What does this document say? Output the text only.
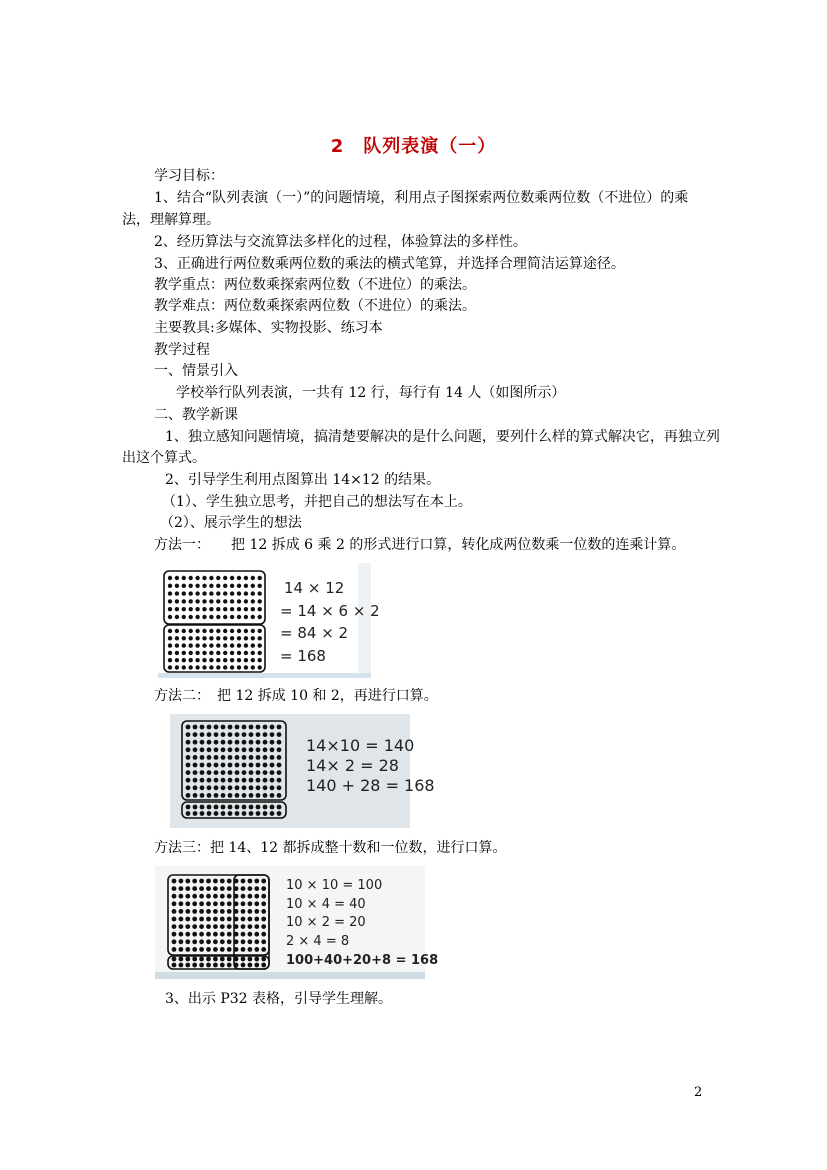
2　队列表演（一）
学习目标：
1、结合“队列表演（一）”的问题情境，利用点子图探索两位数乘两位数（不进位）的乘
法，理解算理。
2、经历算法与交流算法多样化的过程，体验算法的多样性。
3、正确进行两位数乘两位数的乘法的横式笔算，并选择合理简洁运算途径。
教学重点：两位数乘探索两位数（不进位）的乘法。
教学难点：两位数乘探索两位数（不进位）的乘法。
主要教具:多媒体、实物投影、练习本
教学过程
一、情景引入
学校举行队列表演，一共有 12 行，每行有 14 人（如图所示）
二、教学新课
1、独立感知问题情境，搞清楚要解决的是什么问题，要列什么样的算式解决它，再独立列
出这个算式。
2、引导学生利用点图算出 14×12 的结果。
（1）、学生独立思考，并把自己的想法写在本上。
（2）、展示学生的想法
方法一：　　把 12 拆成 6 乘 2 的形式进行口算，转化成两位数乘一位数的连乘计算。
14 × 12
= 14 × 6 × 2
= 84 × 2
= 168
方法二：　把 12 拆成 10 和 2，再进行口算。
14×10 = 140
14× 2 = 28
140 + 28 = 168
方法三：把 14、12 都拆成整十数和一位数，进行口算。
10 × 10 = 100
10 × 4 = 40
10 × 2 = 20
2 × 4 = 8
100+40+20+8 = 168
3、出示 P32 表格，引导学生理解。
2
